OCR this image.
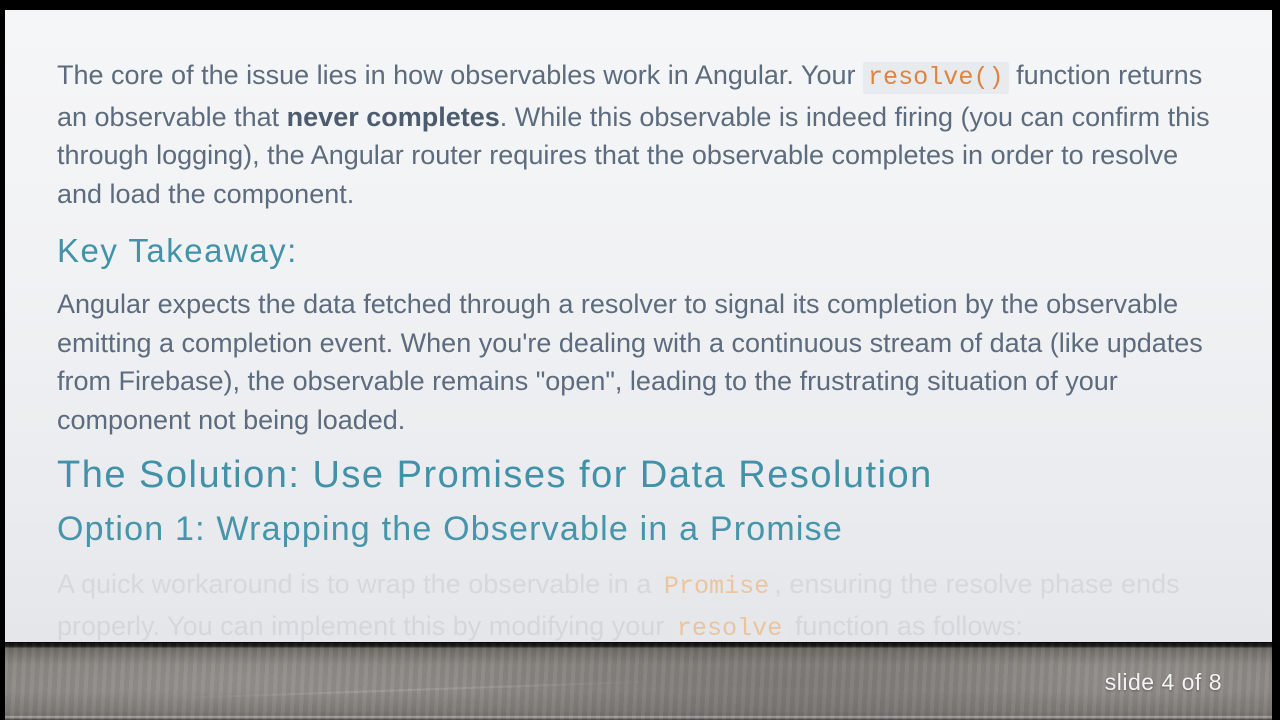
The core of the issue lies in how observables work in Angular. Your resolve() function returns an observable that never completes. While this observable is indeed firing (you can confirm this through logging), the Angular router requires that the observable completes in order to resolve and load the component.

Key Takeaway:

Angular expects the data fetched through a resolver to signal its completion by the observable emitting a completion event. When you're dealing with a continuous stream of data (like updates from Firebase), the observable remains "open", leading to the frustrating situation of your component not being loaded.

The Solution: Use Promises for Data Resolution
Option 1: Wrapping the Observable in a Promise

A quick workaround is to wrap the observable in a Promise , ensuring the resolve phase ends properly. You can implement this by modifying your resolve function as follows:

slide 4 of 8
